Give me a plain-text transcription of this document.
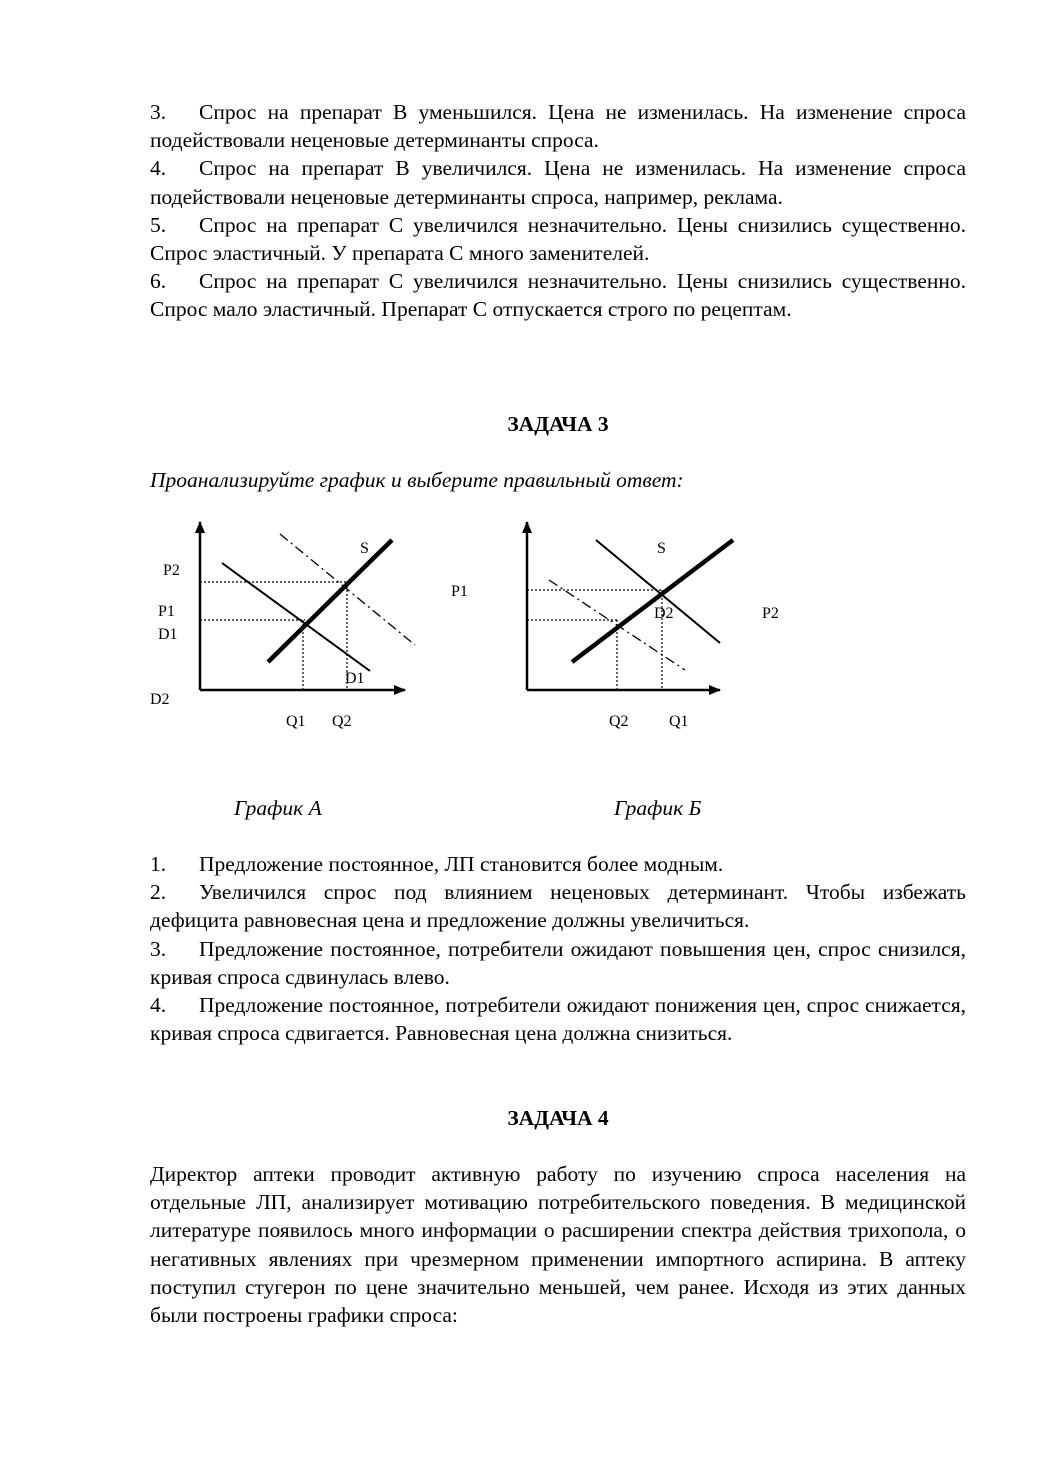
3. Спрос на препарат В уменьшился. Цена не изменилась. На изменение спроса подействовали неценовые детерминанты спроса.
4. Спрос на препарат В увеличился. Цена не изменилась. На изменение спроса подействовали неценовые детерминанты спроса, например, реклама.
5. Спрос на препарат С увеличился незначительно. Цены снизились существенно. Спрос эластичный. У препарата С много заменителей.
6. Спрос на препарат С увеличился незначительно. Цены снизились существенно. Спрос мало эластичный. Препарат С отпускается строго по рецептам.
ЗАДАЧА 3
Проанализируйте график и выберите правильный ответ:
P2
P1
D1
D2
S
D1
Q1 Q2
P1
P2
S
D2
Q2	Q1
График А	График Б
1. Предложение постоянное, ЛП становится более модным.
2. Увеличился спрос под влиянием неценовых детерминант. Чтобы избежать дефицита равновесная цена и предложение должны увеличиться.
3. Предложение постоянное, потребители ожидают повышения цен, спрос снизился, кривая спроса сдвинулась влево.
4. Предложение постоянное, потребители ожидают понижения цен, спрос снижается, кривая спроса сдвигается. Равновесная цена должна снизиться.
ЗАДАЧА 4
Директор аптеки проводит активную работу по изучению спроса населения на отдельные ЛП, анализирует мотивацию потребительского поведения. В медицинской литературе появилось много информации о расширении спектра действия трихопола, о негативных явлениях при чрезмерном применении импортного аспирина. В аптеку поступил стугерон по цене значительно меньшей, чем ранее. Исходя из этих данных были построены графики спроса:
